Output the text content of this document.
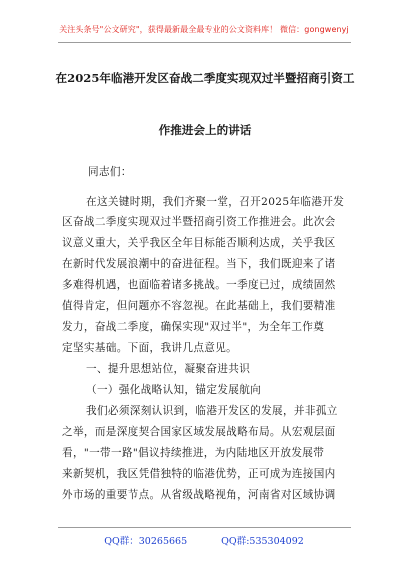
关注头条号"公文研究"，获得最新最全最专业的公文资料库！ 微信：gongwenyj
在2025年临港开发区奋战二季度实现双过半暨招商引资工
作推进会上的讲话
同志们：
在这关键时期，我们齐聚一堂，召开2025年临港开发
区奋战二季度实现双过半暨招商引资工作推进会。此次会
议意义重大，关乎我区全年目标能否顺利达成，关乎我区
在新时代发展浪潮中的奋进征程。当下，我们既迎来了诸
多难得机遇，也面临着诸多挑战。一季度已过，成绩固然
值得肯定，但问题亦不容忽视。在此基础上，我们要精准
发力，奋战二季度，确保实现"双过半"，为全年工作奠
定坚实基础。下面，我讲几点意见。
一、提升思想站位，凝聚奋进共识
（一）强化战略认知，锚定发展航向
我们必须深刻认识到，临港开发区的发展，并非孤立
之举，而是深度契合国家区域发展战略布局。从宏观层面
看，"一带一路"倡议持续推进，为内陆地区开放发展带
来新契机，我区凭借独特的临港优势，正可成为连接国内
外市场的重要节点。从省级战略视角，河南省对区域协调
QQ群：30265665	QQ群:535304092
